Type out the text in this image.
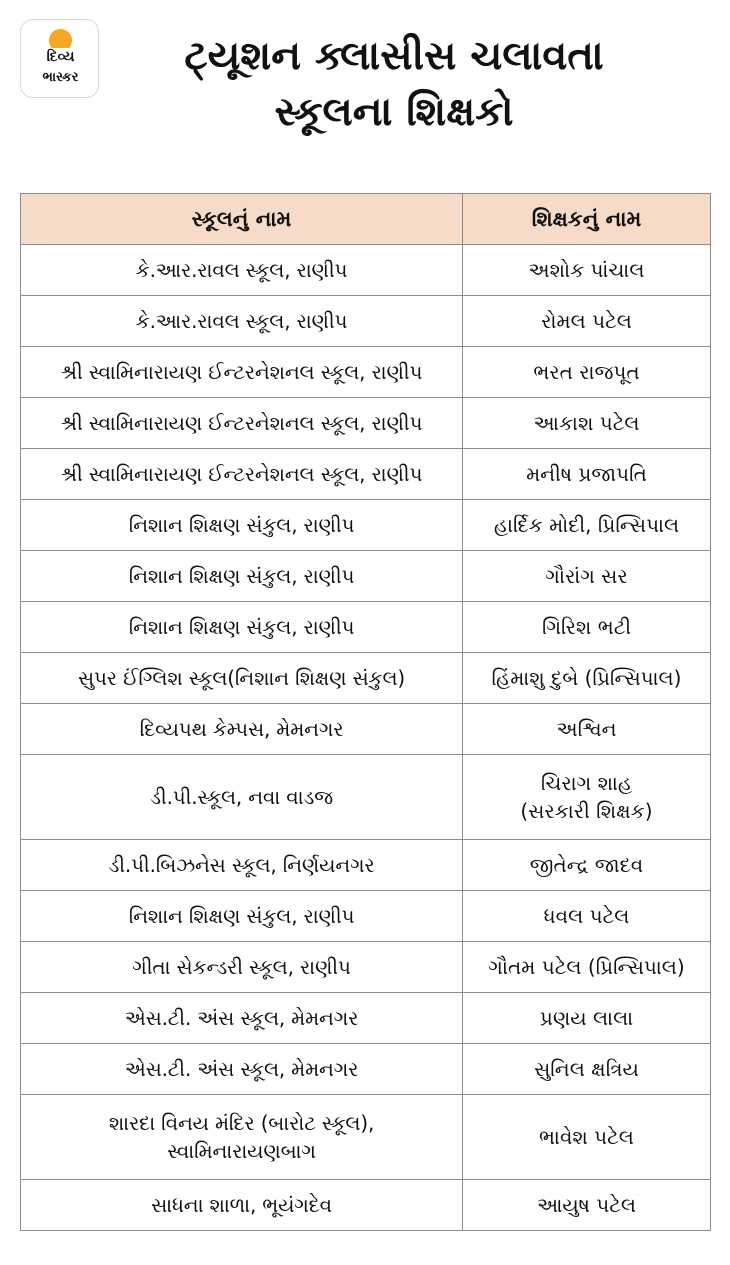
દિવ્ય
ભાસ્કર	ટ્યૂશન ક્લાસીસ ચલાવતા
સ્કૂલના શિક્ષકો
સ્કૂલનું નામ	શિક્ષકનું નામ

કે.આર.રાવલ સ્કૂલ, રાણીપ	અશોક પાંચાલ

કે.આર.રાવલ સ્કૂલ, રાણીપ	રોમલ પટેલ

શ્રી સ્વામિનારાયણ ઈન્ટરનેશનલ સ્કૂલ, રાણીપ	ભરત રાજપૂત

શ્રી સ્વામિનારાયણ ઈન્ટરનેશનલ સ્કૂલ, રાણીપ	આકાશ પટેલ

શ્રી સ્વામિનારાયણ ઈન્ટરનેશનલ સ્કૂલ, રાણીપ	મનીષ પ્રજાપતિ

નિશાન શિક્ષણ સંકુલ, રાણીપ	હાર્દિક મોદી, પ્રિન્સિપાલ

નિશાન શિક્ષણ સંકુલ, રાણીપ	ગૌરાંગ સર

નિશાન શિક્ષણ સંકુલ, રાણીપ	ગિરિશ ભટી

સુપર ઈંગ્લિશ સ્કૂલ(નિશાન શિક્ષણ સંકુલ)	હિંમાશુ દુબે (પ્રિન્સિપાલ)

દિવ્યપથ કેમ્પસ, મેમનગર	અશ્વિન

ડી.પી.સ્કૂલ, નવા વાડજ	ચિરાગ શાહ
(સરકારી શિક્ષક)

ડી.પી.બિઝનેસ સ્કૂલ, નિર્ણયનગર	જીતેન્દ્ર જાદવ

નિશાન શિક્ષણ સંકુલ, રાણીપ	ધવલ પટેલ

ગીતા સેકન્ડરી સ્કૂલ, રાણીપ	ગૌતમ પટેલ (પ્રિન્સિપાલ)

એસ.ટી. અંસ સ્કૂલ, મેમનગર	પ્રણય લાલા

એસ.ટી. અંસ સ્કૂલ, મેમનગર	સુનિલ ક્ષત્રિય

શારદા વિનય મંદિર (બારોટ સ્કૂલ),
સ્વામિનારાયણબાગ	ભાવેશ પટેલ

સાધના શાળા, ભૂયંગદેવ	આયુષ પટેલ
